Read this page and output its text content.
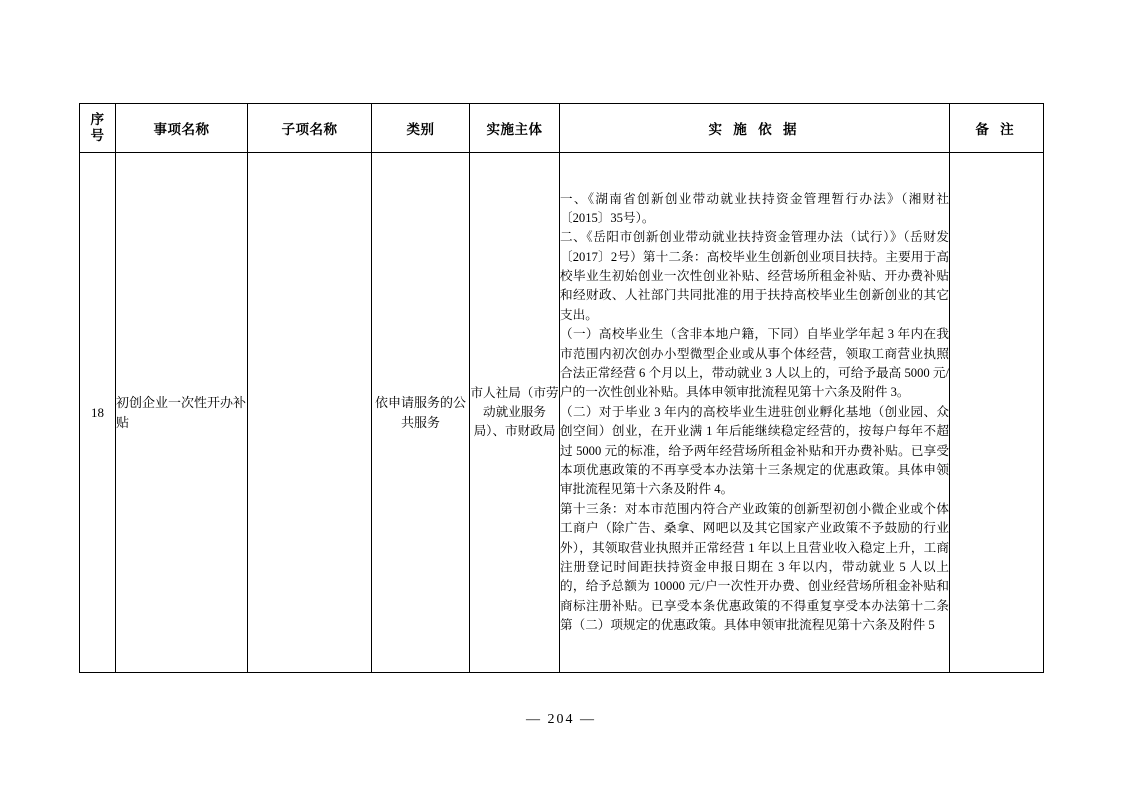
序
号	事项名称	子项名称	类别	实施主体	实 施 依 据	备 注
18	初创企业一次性开办补贴		依申请服务的公共服务	市人社局（市劳动就业服务局）、市财政局	一、《湖南省创新创业带动就业扶持资金管理暂行办法》（湘财社〔2015〕35号）。

二、《岳阳市创新创业带动就业扶持资金管理办法（试行）》（岳财发〔2017〕2号）第十二条：高校毕业生创新创业项目扶持。主要用于高校毕业生初始创业一次性创业补贴、经营场所租金补贴、开办费补贴和经财政、人社部门共同批准的用于扶持高校毕业生创新创业的其它支出。

（一）高校毕业生（含非本地户籍，下同）自毕业学年起 3 年内在我市范围内初次创办小型微型企业或从事个体经营，领取工商营业执照合法正常经营 6 个月以上，带动就业 3 人以上的，可给予最高 5000 元/户的一次性创业补贴。具体申领审批流程见第十六条及附件 3。

（二）对于毕业 3 年内的高校毕业生进驻创业孵化基地（创业园、众创空间）创业，在开业满 1 年后能继续稳定经营的，按每户每年不超过 5000 元的标准，给予两年经营场所租金补贴和开办费补贴。已享受本项优惠政策的不再享受本办法第十三条规定的优惠政策。具体申领审批流程见第十六条及附件 4。

第十三条：对本市范围内符合产业政策的创新型初创小微企业或个体工商户（除广告、桑拿、网吧以及其它国家产业政策不予鼓励的行业外），其领取营业执照并正常经营 1 年以上且营业收入稳定上升，工商注册登记时间距扶持资金申报日期在 3 年以内，带动就业 5 人以上的，给予总额为 10000 元/户一次性开办费、创业经营场所租金补贴和商标注册补贴。已享受本条优惠政策的不得重复享受本办法第十二条第（二）项规定的优惠政策。具体申领审批流程见第十六条及附件 5	

— 204 —
